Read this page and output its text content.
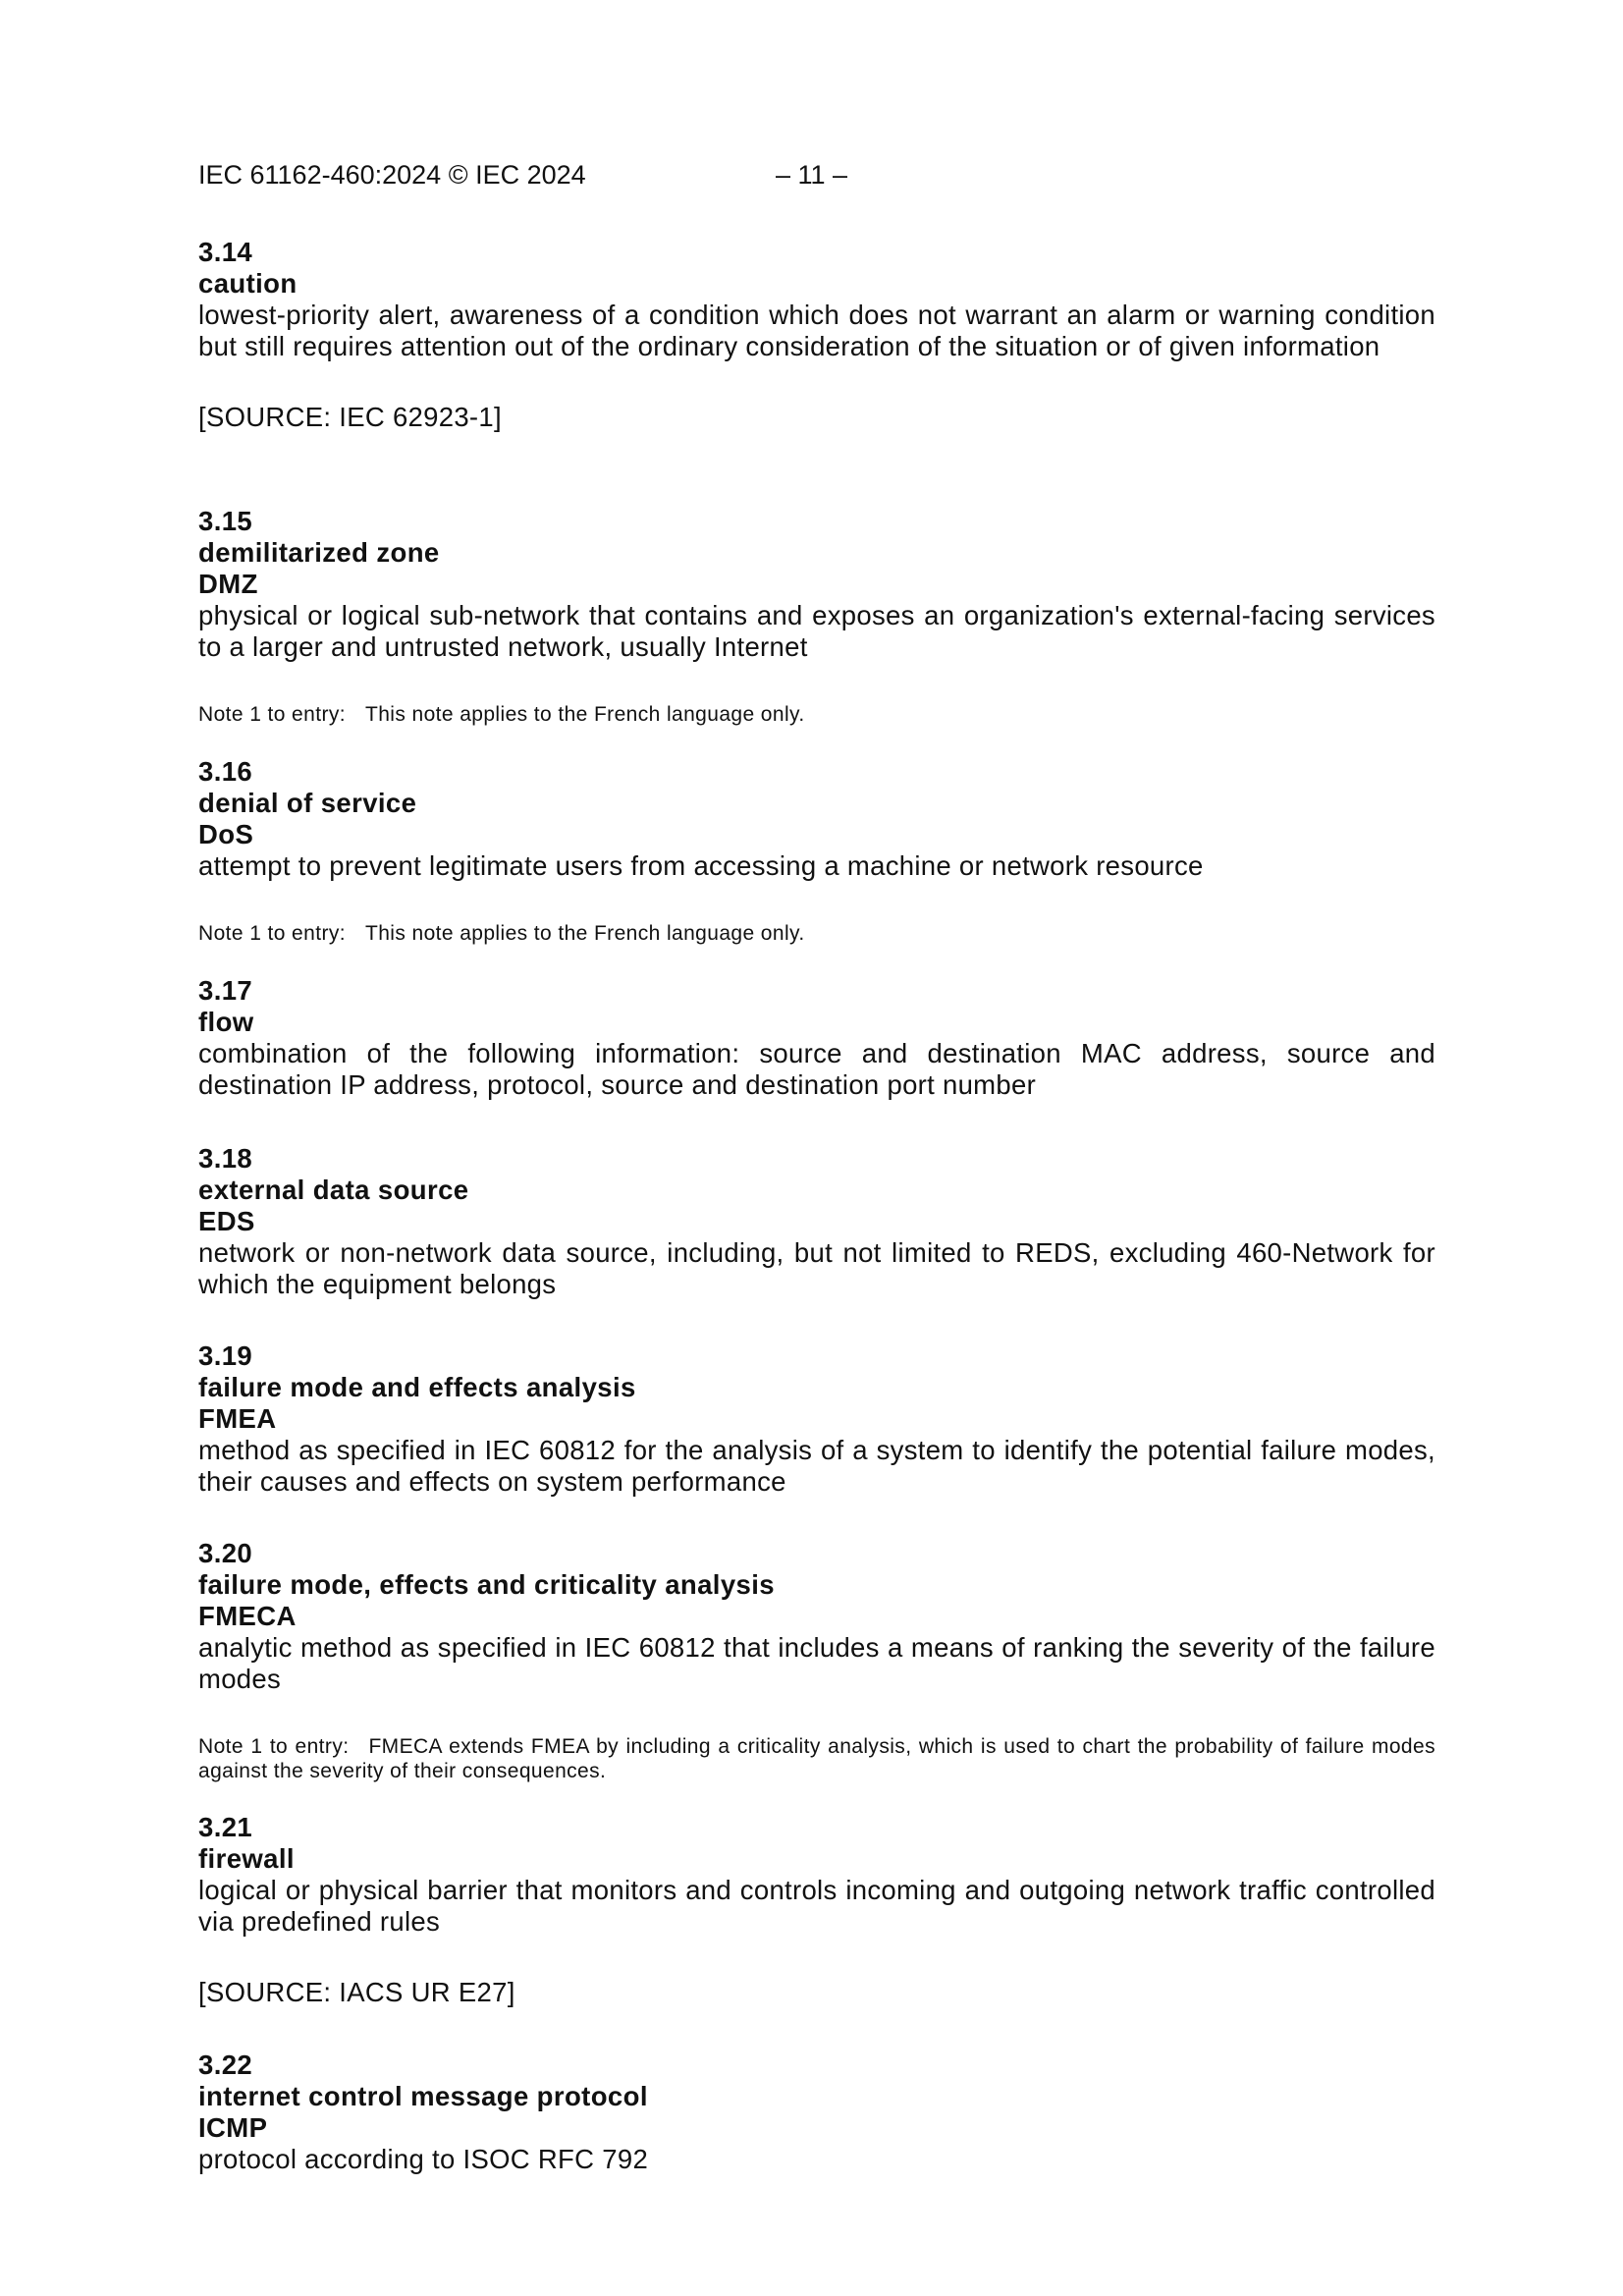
IEC 61162-460:2024 © IEC 2024	– 11 –
3.14
caution
lowest-priority alert, awareness of a condition which does not warrant an alarm or warning condition but still requires attention out of the ordinary consideration of the situation or of given information
[SOURCE: IEC 62923-1]
3.15
demilitarized zone
DMZ
physical or logical sub-network that contains and exposes an organization's external-facing services to a larger and untrusted network, usually Internet
Note 1 to entry: This note applies to the French language only.
3.16
denial of service
DoS
attempt to prevent legitimate users from accessing a machine or network resource
Note 1 to entry: This note applies to the French language only.
3.17
flow
combination of the following information: source and destination MAC address, source and destination IP address, protocol, source and destination port number
3.18
external data source
EDS
network or non-network data source, including, but not limited to REDS, excluding 460-Network for which the equipment belongs
3.19
failure mode and effects analysis
FMEA
method as specified in IEC 60812 for the analysis of a system to identify the potential failure modes, their causes and effects on system performance
3.20
failure mode, effects and criticality analysis
FMECA
analytic method as specified in IEC 60812 that includes a means of ranking the severity of the failure modes
Note 1 to entry: FMECA extends FMEA by including a criticality analysis, which is used to chart the probability of failure modes against the severity of their consequences.
3.21
firewall
logical or physical barrier that monitors and controls incoming and outgoing network traffic controlled via predefined rules
[SOURCE: IACS UR E27]
3.22
internet control message protocol
ICMP
protocol according to ISOC RFC 792
